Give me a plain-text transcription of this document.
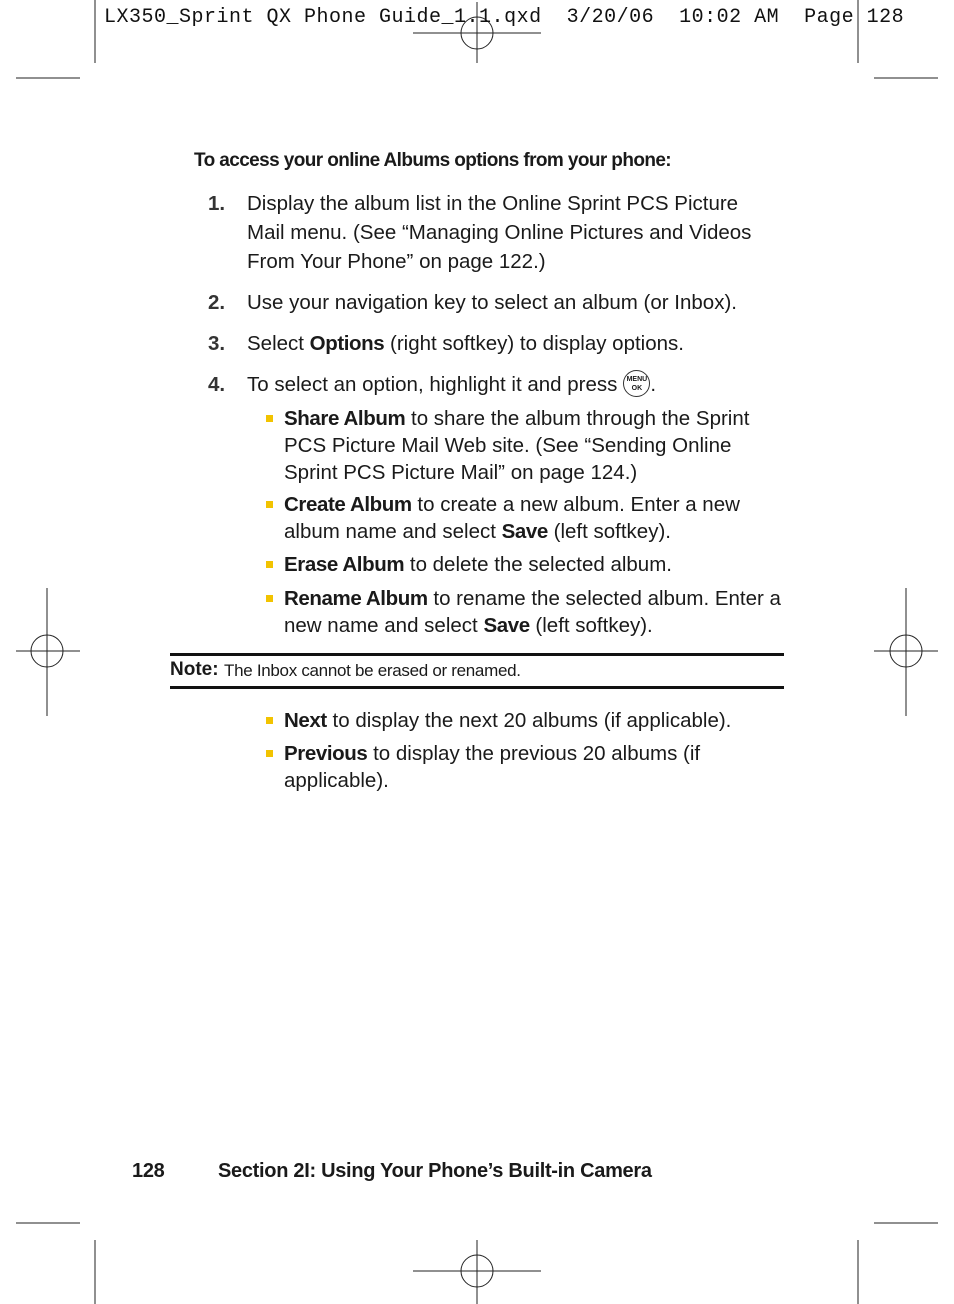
LX350_Sprint QX Phone Guide_1.1.qxd  3/20/06  10:02 AM  Page 128
To access your online Albums options from your phone:
1. Display the album list in the Online Sprint PCS Picture Mail menu. (See “Managing Online Pictures and Videos From Your Phone” on page 122.)
2. Use your navigation key to select an album (or Inbox).
3. Select Options (right softkey) to display options.
4. To select an option, highlight it and press MENU
OK .
Share Album to share the album through the Sprint PCS Picture Mail Web site. (See “Sending Online Sprint PCS Picture Mail” on page 124.)
Create Album to create a new album. Enter a new album name and select Save (left softkey).
Erase Album to delete the selected album.
Rename Album to rename the selected album. Enter a new name and select Save (left softkey).
Note: The Inbox cannot be erased or renamed.
Next to display the next 20 albums (if applicable).
Previous to display the previous 20 albums (if applicable).
128	Section 2I: Using Your Phone’s Built-in Camera
